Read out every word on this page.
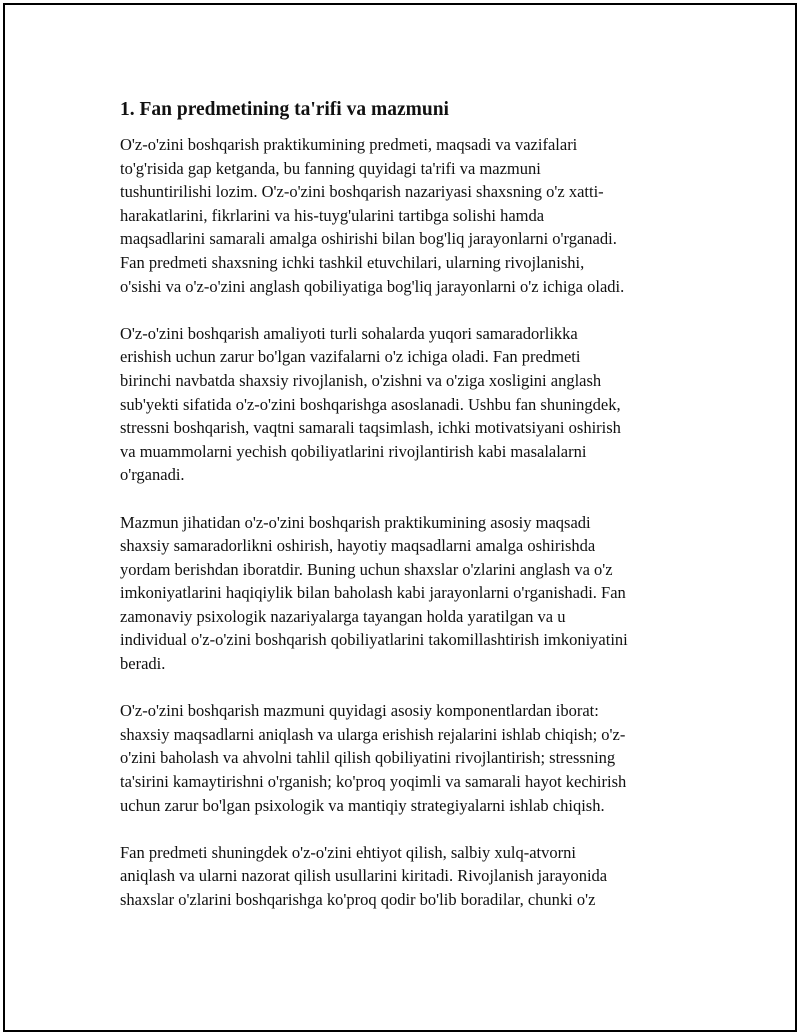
1. Fan predmetining ta'rifi va mazmuni
O'z-o'zini boshqarish praktikumining predmeti, maqsadi va vazifalari
to'g'risida gap ketganda, bu fanning quyidagi ta'rifi va mazmuni
tushuntirilishi lozim. O'z-o'zini boshqarish nazariyasi shaxsning o'z xatti-
harakatlarini, fikrlarini va his-tuyg'ularini tartibga solishi hamda
maqsadlarini samarali amalga oshirishi bilan bog'liq jarayonlarni o'rganadi.
Fan predmeti shaxsning ichki tashkil etuvchilari, ularning rivojlanishi,
o'sishi va o'z-o'zini anglash qobiliyatiga bog'liq jarayonlarni o'z ichiga oladi.
O'z-o'zini boshqarish amaliyoti turli sohalarda yuqori samaradorlikka
erishish uchun zarur bo'lgan vazifalarni o'z ichiga oladi. Fan predmeti
birinchi navbatda shaxsiy rivojlanish, o'zishni va o'ziga xosligini anglash
sub'yekti sifatida o'z-o'zini boshqarishga asoslanadi. Ushbu fan shuningdek,
stressni boshqarish, vaqtni samarali taqsimlash, ichki motivatsiyani oshirish
va muammolarni yechish qobiliyatlarini rivojlantirish kabi masalalarni
o'rganadi.
Mazmun jihatidan o'z-o'zini boshqarish praktikumining asosiy maqsadi
shaxsiy samaradorlikni oshirish, hayotiy maqsadlarni amalga oshirishda
yordam berishdan iboratdir. Buning uchun shaxslar o'zlarini anglash va o'z
imkoniyatlarini haqiqiylik bilan baholash kabi jarayonlarni o'rganishadi. Fan
zamonaviy psixologik nazariyalarga tayangan holda yaratilgan va u
individual o'z-o'zini boshqarish qobiliyatlarini takomillashtirish imkoniyatini
beradi.
O'z-o'zini boshqarish mazmuni quyidagi asosiy komponentlardan iborat:
shaxsiy maqsadlarni aniqlash va ularga erishish rejalarini ishlab chiqish; o'z-
o'zini baholash va ahvolni tahlil qilish qobiliyatini rivojlantirish; stressning
ta'sirini kamaytirishni o'rganish; ko'proq yoqimli va samarali hayot kechirish
uchun zarur bo'lgan psixologik va mantiqiy strategiyalarni ishlab chiqish.
Fan predmeti shuningdek o'z-o'zini ehtiyot qilish, salbiy xulq-atvorni
aniqlash va ularni nazorat qilish usullarini kiritadi. Rivojlanish jarayonida
shaxslar o'zlarini boshqarishga ko'proq qodir bo'lib boradilar, chunki o'z
